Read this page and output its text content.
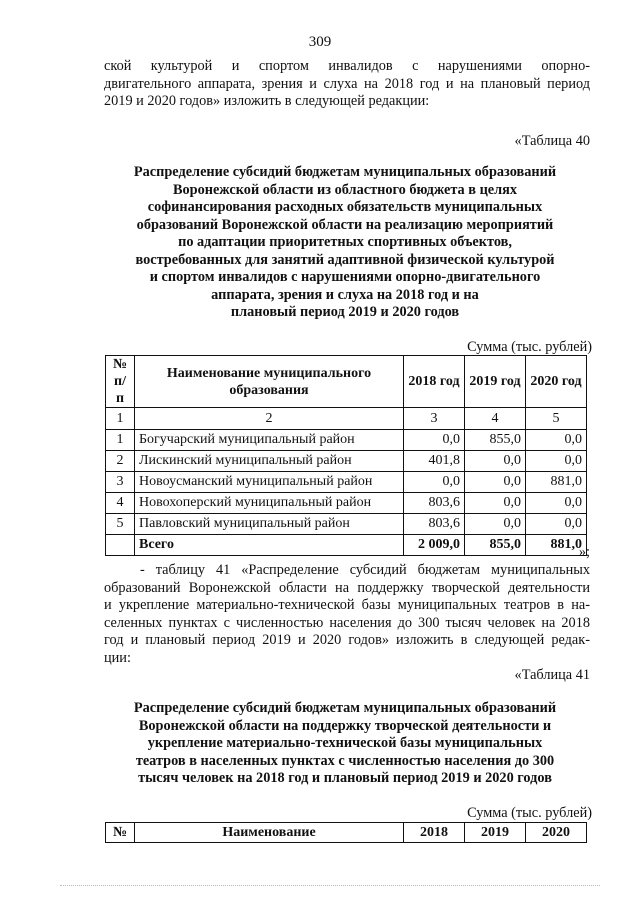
309
ской культурой и спортом инвалидов с нарушениями опорно-
двигательного аппарата, зрения и слуха на 2018 год и на плановый период
2019 и 2020 годов» изложить в следующей редакции:
«Таблица 40
Распределение субсидий бюджетам муниципальных образований
Воронежской области из областного бюджета в целях
софинансирования расходных обязательств муниципальных
образований Воронежской области на реализацию мероприятий
по адаптации приоритетных спортивных объектов,
востребованных для занятий адаптивной физической культурой
и спортом инвалидов с нарушениями опорно-двигательного
аппарата, зрения и слуха на 2018 год и на
плановый период 2019 и 2020 годов
Сумма (тыс. рублей)
№ п/п	Наименование муниципального образования	2018 год	2019 год	2020 год
1	2	3	4	5
1	Богучарский муниципальный район	0,0	855,0	0,0
2	Лискинский муниципальный район	401,8	0,0	0,0
3	Новоусманский муниципальный район	0,0	0,0	881,0
4	Новохоперский муниципальный район	803,6	0,0	0,0
5	Павловский муниципальный район	803,6	0,0	0,0
	Всего	2 009,0	855,0	881,0
»;
- таблицу 41 «Распределение субсидий бюджетам муниципальных
образований Воронежской области на поддержку творческой деятельности
и укрепление материально-технической базы муниципальных театров в на-
селенных пунктах с численностью населения до 300 тысяч человек на 2018
год и плановый период 2019 и 2020 годов» изложить в следующей редак-
ции:
«Таблица 41
Распределение субсидий бюджетам муниципальных образований
Воронежской области на поддержку творческой деятельности и
укрепление материально-технической базы муниципальных
театров в населенных пунктах с численностью населения до 300
тысяч человек на 2018 год и плановый период 2019 и 2020 годов
Сумма (тыс. рублей)
№	Наименование	2018	2019	2020
